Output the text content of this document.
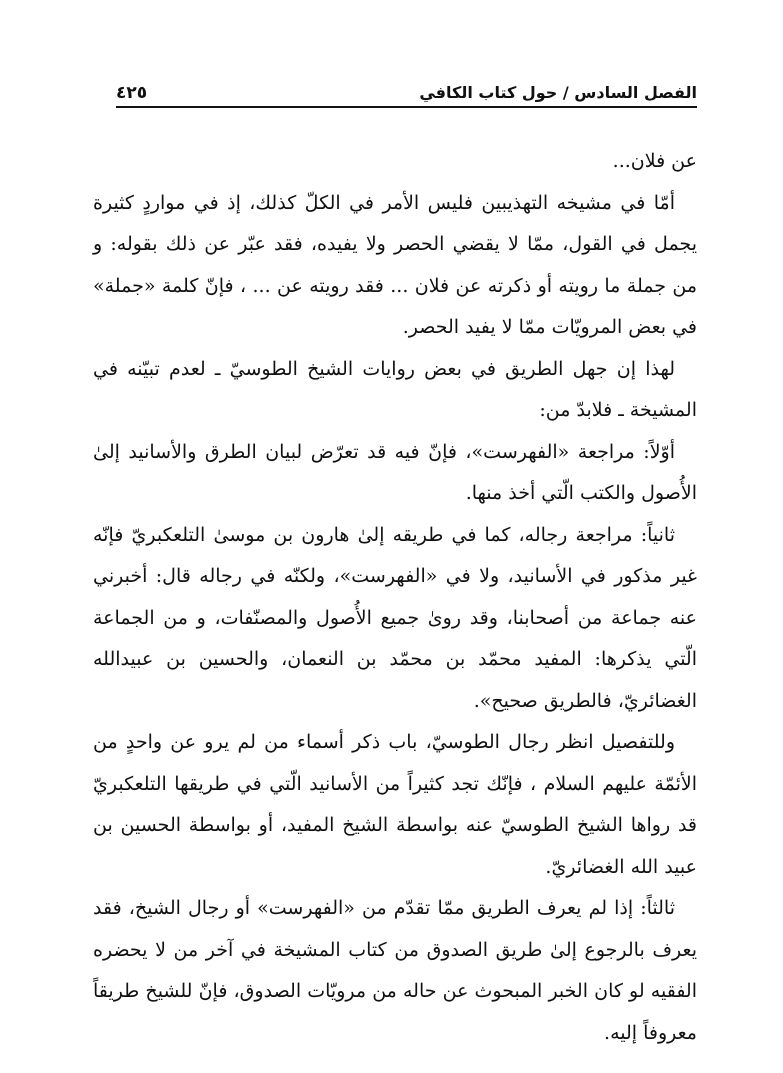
الفصل السادس / حول كتاب الكافي
٤٢٥

عن فلان...

أمّا في مشيخه التهذيبين فليس الأمر في الكلّ كذلك، إذ في مواردٍ كثيرة يجمل في القول، ممّا لا يقضي الحصر ولا يفيده، فقد عبّر عن ذلك بقوله: و من جملة ما رويته أو ذكرته عن فلان ... فقد رويته عن ... ، فإنّ كلمة «جملة» في بعض المرويّات ممّا لا يفيد الحصر.

لهذا إن جهل الطريق في بعض روايات الشيخ الطوسيّ ـ لعدم تبيّنه في المشيخة ـ فلابدّ من:

أوّلاً: مراجعة «الفهرست»، فإنّ فيه قد تعرّض لبيان الطرق والأسانيد إلىٰ الأُصول والكتب الّتي أخذ منها.

ثانياً: مراجعة رجاله، كما في طريقه إلىٰ هارون بن موسىٰ التلعكبريّ فإنّه غير مذكور في الأسانيد، ولا في «الفهرست»، ولكنّه في رجاله قال: أخبرني عنه جماعة من أصحابنا، وقد روىٰ جميع الأُصول والمصنّفات، و من الجماعة الّتي يذكرها: المفيد محمّد بن محمّد بن النعمان، والحسين بن عبيدالله الغضائريّ، فالطريق صحيح».

وللتفصيل انظر رجال الطوسيّ، باب ذكر أسماء من لم يرو عن واحدٍ من الأئمّة عليهم السلام ، فإنّك تجد كثيراً من الأسانيد الّتي في طريقها التلعكبريّ قد رواها الشيخ الطوسيّ عنه بواسطة الشيخ المفيد، أو بواسطة الحسين بن عبيد الله الغضائريّ.

ثالثاً: إذا لم يعرف الطريق ممّا تقدّم من «الفهرست» أو رجال الشيخ، فقد يعرف بالرجوع إلىٰ طريق الصدوق من كتاب المشيخة في آخر من لا يحضره الفقيه لو كان الخبر المبحوث عن حاله من مرويّات الصدوق، فإنّ للشيخ طريقاً معروفاً إليه.
